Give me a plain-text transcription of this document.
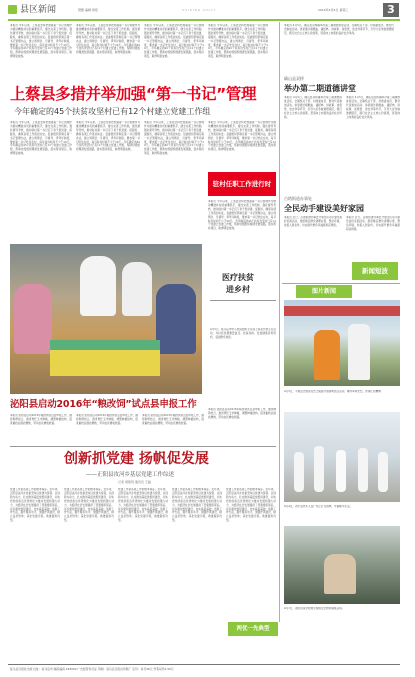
县区新闻	慧聚 编辑 周报	SUIPING DAILY	2016年4月6日 星期三	3
本报讯 今年以来，上蔡县坚持把加强第一书记管理作为推动精准扶贫的重要抓手，健全完善工作机制，强化督导考核，推动驻村第一书记沉下身子抓党建、促脱贫，确保各项工作落到实处。县委组织部制定第一书记管理办法，建立周例会、月督导、季考评制度，要求第一书记吃住在村，每月驻村时间不少于20天。今年确定的45个扶贫攻坚村已有12个村建立党建工作组，帮助村级组织理清发展思路，落实帮扶项目，取得明显成效。
本报讯 今年以来，上蔡县坚持把加强第一书记管理作为推动精准扶贫的重要抓手，健全完善工作机制，强化督导考核，推动驻村第一书记沉下身子抓党建、促脱贫，确保各项工作落到实处。县委组织部制定第一书记管理办法，建立周例会、月督导、季考评制度，要求第一书记吃住在村，每月驻村时间不少于20天。今年确定的45个扶贫攻坚村已有12个村建立党建工作组，帮助村级组织理清发展思路，落实帮扶项目，取得明显成效。
本报讯 今年以来，上蔡县坚持把加强第一书记管理作为推动精准扶贫的重要抓手，健全完善工作机制，强化督导考核，推动驻村第一书记沉下身子抓党建、促脱贫，确保各项工作落到实处。县委组织部制定第一书记管理办法，建立周例会、月督导、季考评制度，要求第一书记吃住在村，每月驻村时间不少于20天。今年确定的45个扶贫攻坚村已有12个村建立党建工作组，帮助村级组织理清发展思路，落实帮扶项目，取得明显成效。
本报讯 今年以来，上蔡县坚持把加强第一书记管理作为推动精准扶贫的重要抓手，健全完善工作机制，强化督导考核，推动驻村第一书记沉下身子抓党建、促脱贫，确保各项工作落到实处。县委组织部制定第一书记管理办法，建立周例会、月督导、季考评制度，要求第一书记吃住在村，每月驻村时间不少于20天。今年确定的45个扶贫攻坚村已有12个村建立党建工作组，帮助村级组织理清发展思路，落实帮扶项目，取得明显成效。
上蔡县多措并举加强“第一书记”管理
今年确定的45个扶贫攻坚村已有12个村建立党建工作组
本报讯 今年以来，上蔡县坚持把加强第一书记管理作为推动精准扶贫的重要抓手，健全完善工作机制，强化督导考核，推动驻村第一书记沉下身子抓党建、促脱贫，确保各项工作落到实处。县委组织部制定第一书记管理办法，建立周例会、月督导、季考评制度，要求第一书记吃住在村，每月驻村时间不少于20天。今年确定的45个扶贫攻坚村已有12个村建立党建工作组，帮助村级组织理清发展思路，落实帮扶项目，取得明显成效。
本报讯 今年以来，上蔡县坚持把加强第一书记管理作为推动精准扶贫的重要抓手，健全完善工作机制，强化督导考核，推动驻村第一书记沉下身子抓党建、促脱贫，确保各项工作落到实处。县委组织部制定第一书记管理办法，建立周例会、月督导、季考评制度，要求第一书记吃住在村，每月驻村时间不少于20天。今年确定的45个扶贫攻坚村已有12个村建立党建工作组，帮助村级组织理清发展思路，落实帮扶项目，取得明显成效。
本报讯 今年以来，上蔡县坚持把加强第一书记管理作为推动精准扶贫的重要抓手，健全完善工作机制，强化督导考核，推动驻村第一书记沉下身子抓党建、促脱贫，确保各项工作落到实处。县委组织部制定第一书记管理办法，建立周例会、月督导、季考评制度，要求第一书记吃住在村，每月驻村时间不少于20天。今年确定的45个扶贫攻坚村已有12个村建立党建工作组，帮助村级组织理清发展思路，落实帮扶项目，取得明显成效。
本报讯 今年以来，上蔡县坚持把加强第一书记管理作为推动精准扶贫的重要抓手，健全完善工作机制，强化督导考核，推动驻村第一书记沉下身子抓党建、促脱贫，确保各项工作落到实处。县委组织部制定第一书记管理办法，建立周例会、月督导、季考评制度，要求第一书记吃住在村，每月驻村时间不少于20天。今年确定的45个扶贫攻坚村已有12个村建立党建工作组，帮助村级组织理清发展思路，落实帮扶项目，取得明显成效。
驻村任职工作进行时
本报讯 今年以来，上蔡县坚持把加强第一书记管理作为推动精准扶贫的重要抓手，健全完善工作机制，强化督导考核，推动驻村第一书记沉下身子抓党建、促脱贫，确保各项工作落到实处。县委组织部制定第一书记管理办法，建立周例会、月督导、季考评制度，要求第一书记吃住在村，每月驻村时间不少于20天。今年确定的45个扶贫攻坚村已有12个村建立党建工作组，帮助村级组织理清发展思路，落实帮扶项目，取得明显成效。
本报讯 4月5日，确山县双桥镇举办第二期道德讲堂活动，全镇机关干部、村两委成员、群众代表参加活动。讲堂通过唱歌曲、诵经典、讲故事、谈感悟、送吉祥等环节，引导大家争做道德模范，践行社会主义核心价值观，营造向上向善的良好社会风尚。
确山县双桥
举办第二期道德讲堂
本报讯 4月5日，确山县双桥镇举办第二期道德讲堂活动，全镇机关干部、村两委成员、群众代表参加活动。讲堂通过唱歌曲、诵经典、讲故事、谈感悟、送吉祥等环节，引导大家争做道德模范，践行社会主义核心价值观，营造向上向善的良好社会风尚。
本报讯 4月5日，确山县双桥镇举办第二期道德讲堂活动，全镇机关干部、村两委成员、群众代表参加活动。讲堂通过唱歌曲、诵经典、讲故事、谈感悟、送吉祥等环节，引导大家争做道德模范，践行社会主义核心价值观，营造向上向善的良好社会风尚。
古塔街道办事处
全民动手建设美好家园
本报讯 近日，古塔街道办事处开展全民动手建设美好家园活动，组织辖区群众清理垃圾、整治环境，改善人居条件，切实提升群众幸福感和获得感。
本报讯 近日，古塔街道办事处开展全民动手建设美好家园活动，组织辖区群众清理垃圾、整治环境，改善人居条件，切实提升群众幸福感和获得感。
新闻短波
图片新闻
4月3日，平舆县志愿者在烈士陵园开展清明祭扫活动，缅怀革命先烈，传承红色精神。
4月4日，西平县老年人在广场上打太极拳，丰富晚年生活。
4月1日，泌阳县某学校师生参加安全教育演练活动。
医疗扶贫
进乡村
4月5日，驻马店市中心医院组织专家到上蔡县开展义诊活动，为村民免费测量血压、检查身体，发放健康宣传资料，受到群众欢迎。
泌阳县启动2016年“粮改饲”试点县申报工作
本报讯 泌阳县启动2016年粮改饲试点县申报工作，围绕种养结合，推进青贮玉米种植，调整种植结构，促进畜牧业提质增效，带动农民增收致富。
本报讯 泌阳县启动2016年粮改饲试点县申报工作，围绕种养结合，推进青贮玉米种植，调整种植结构，促进畜牧业提质增效，带动农民增收致富。
本报讯 泌阳县启动2016年粮改饲试点县申报工作，围绕种养结合，推进青贮玉米种植，调整种植结构，促进畜牧业提质增效，带动农民增收致富。
本报讯 泌阳县启动2016年粮改饲试点县申报工作，围绕种养结合，推进青贮玉米种植，调整种植结构，促进畜牧业提质增效，带动农民增收致富。
创新抓党建 扬帆促发展
——正阳县汝河乡基层党建工作综述
记者 周胜利 通讯员 王磊
党建工作是各项工作的根本保证。近年来，正阳县汝河乡党委坚持以党建为统领，以创新为动力，扎实推进基层党组织建设，切实把党的政治优势转化为推动发展的强大动力，为经济社会发展提供了坚强组织保证。该乡强化组织建设，夯实基层基础；创新工作方法，提升服务水平；加强作风建设，树立良好形象；深化党建引领，助推脱贫攻坚。
党建工作是各项工作的根本保证。近年来，正阳县汝河乡党委坚持以党建为统领，以创新为动力，扎实推进基层党组织建设，切实把党的政治优势转化为推动发展的强大动力，为经济社会发展提供了坚强组织保证。该乡强化组织建设，夯实基层基础；创新工作方法，提升服务水平；加强作风建设，树立良好形象；深化党建引领，助推脱贫攻坚。
党建工作是各项工作的根本保证。近年来，正阳县汝河乡党委坚持以党建为统领，以创新为动力，扎实推进基层党组织建设，切实把党的政治优势转化为推动发展的强大动力，为经济社会发展提供了坚强组织保证。该乡强化组织建设，夯实基层基础；创新工作方法，提升服务水平；加强作风建设，树立良好形象；深化党建引领，助推脱贫攻坚。
党建工作是各项工作的根本保证。近年来，正阳县汝河乡党委坚持以党建为统领，以创新为动力，扎实推进基层党组织建设，切实把党的政治优势转化为推动发展的强大动力，为经济社会发展提供了坚强组织保证。该乡强化组织建设，夯实基层基础；创新工作方法，提升服务水平；加强作风建设，树立良好形象；深化党建引领，助推脱贫攻坚。
党建工作是各项工作的根本保证。近年来，正阳县汝河乡党委坚持以党建为统领，以创新为动力，扎实推进基层党组织建设，切实把党的政治优势转化为推动发展的强大动力，为经济社会发展提供了坚强组织保证。该乡强化组织建设，夯实基层基础；创新工作方法，提升服务水平；加强作风建设，树立良好形象；深化党建引领，助推脱贫攻坚。
两优一先典型
驻马店日报社出版 社址：驻马店市 邮政编码 463000 广告经营许可证 印刷：驻马店日报社印刷厂 定价：每月36元 零售每份1.50元
